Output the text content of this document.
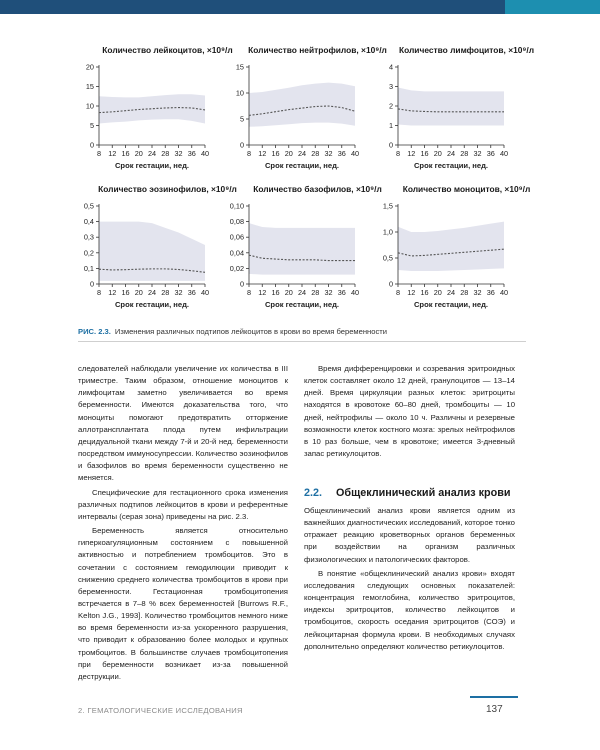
Количество лейкоцитов, ×10⁹/л
0
5
10
15
20
8 12 16 20 24 28 32 36 40
Срок гестации, нед.
Количество нейтрофилов, ×10⁹/л
0
5
10
15
8 12 16 20 24 28 32 36 40
Срок гестации, нед.
Количество лимфоцитов, ×10⁹/л
0
1
2
3
4
8 12 16 20 24 28 32 36 40
Срок гестации, нед.
Количество эозинофилов, ×10⁹/л
0
0,1
0,2
0,3
0,4
0,5
8 12 16 20 24 28 32 36 40
Срок гестации, нед.
Количество базофилов, ×10⁹/л
0
0,02
0,04
0,06
0,08
0,10
8 12 16 20 24 28 32 36 40
Срок гестации, нед.
Количество моноцитов, ×10⁹/л
0
0,5
1,0
1,5
8 12 16 20 24 28 32 36 40
Срок гестации, нед.
РИС. 2.3. Изменения различных подтипов лейкоцитов в крови во время беременности

следователей наблюдали увеличение их количества в III триместре. Таким образом, отношение моноцитов к лимфоцитам заметно увеличивается во время беременности. Имеются доказательства того, что моноциты помогают предотвратить отторжение аллотрансплантата плода путем инфильтрации децидуальной ткани между 7-й и 20-й нед. беременности посредством иммуносупрессии. Количество эозинофилов и базофилов во время беременности существенно не меняется.

Специфические для гестационного срока изменения различных подтипов лейкоцитов в крови и референтные интервалы (серая зона) приведены на рис. 2.3.

Беременность является относительно гиперкоагуляционным состоянием с повышенной активностью и потреблением тромбоцитов. Это в сочетании с состоянием гемодилюции приводит к снижению среднего количества тромбоцитов в крови при беременности. Гестационная тромбоцитопения встречается в 7–8 % всех беременностей [Burrows R.F., Kelton J.G., 1993]. Количество тромбоцитов немного ниже во время беременности из-за ускоренного разрушения, что приводит к образованию более молодых и крупных тромбоцитов. В большинстве случаев тромбоцитопения при беременности возникает из-за повышенной деструкции.

Время дифференцировки и созревания эритроидных клеток составляет около 12 дней, гранулоцитов — 13–14 дней. Время циркуляции разных клеток: эритроциты находятся в кровотоке 60–80 дней, тромбоциты — 10 дней, нейтрофилы — около 10 ч. Различны и резервные возможности клеток костного мозга: зрелых нейтрофилов в 10 раз больше, чем в кровотоке; имеется 3-дневный запас ретикулоцитов.

2.2. Общеклинический анализ крови

Общеклинический анализ крови является одним из важнейших диагностических исследований, которое тонко отражает реакцию кроветворных органов беременных при воздействии на организм различных физиологических и патологических факторов.

В понятие «общеклинический анализ крови» входят исследования следующих основных показателей: концентрация гемоглобина, количество эритроцитов, индексы эритроцитов, количество лейкоцитов и тромбоцитов, скорость оседания эритроцитов (СОЭ) и лейкоцитарная формула крови. В необходимых случаях дополнительно определяют количество ретикулоцитов.

2. ГЕМАТОЛОГИЧЕСКИЕ ИССЛЕДОВАНИЯ	137
